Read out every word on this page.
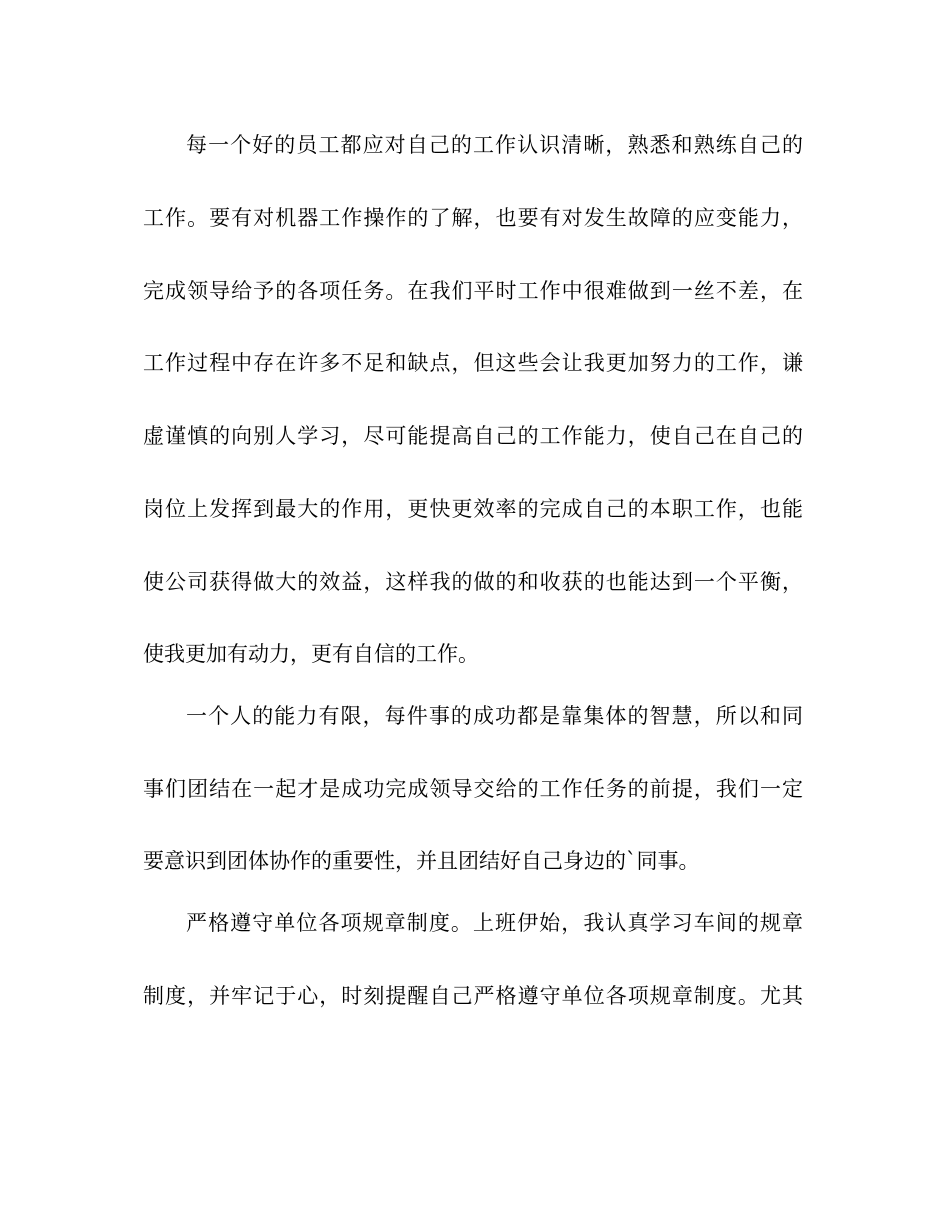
每一个好的员工都应对自己的工作认识清晰，熟悉和熟练自己的
工作。要有对机器工作操作的了解，也要有对发生故障的应变能力，
完成领导给予的各项任务。在我们平时工作中很难做到一丝不差，在
工作过程中存在许多不足和缺点，但这些会让我更加努力的工作，谦
虚谨慎的向别人学习，尽可能提高自己的工作能力，使自己在自己的
岗位上发挥到最大的作用，更快更效率的完成自己的本职工作，也能
使公司获得做大的效益，这样我的做的和收获的也能达到一个平衡，
使我更加有动力，更有自信的工作。
一个人的能力有限，每件事的成功都是靠集体的智慧，所以和同
事们团结在一起才是成功完成领导交给的工作任务的前提，我们一定
要意识到团体协作的重要性，并且团结好自己身边的`同事。
严格遵守单位各项规章制度。上班伊始，我认真学习车间的规章
制度，并牢记于心，时刻提醒自己严格遵守单位各项规章制度。尤其
